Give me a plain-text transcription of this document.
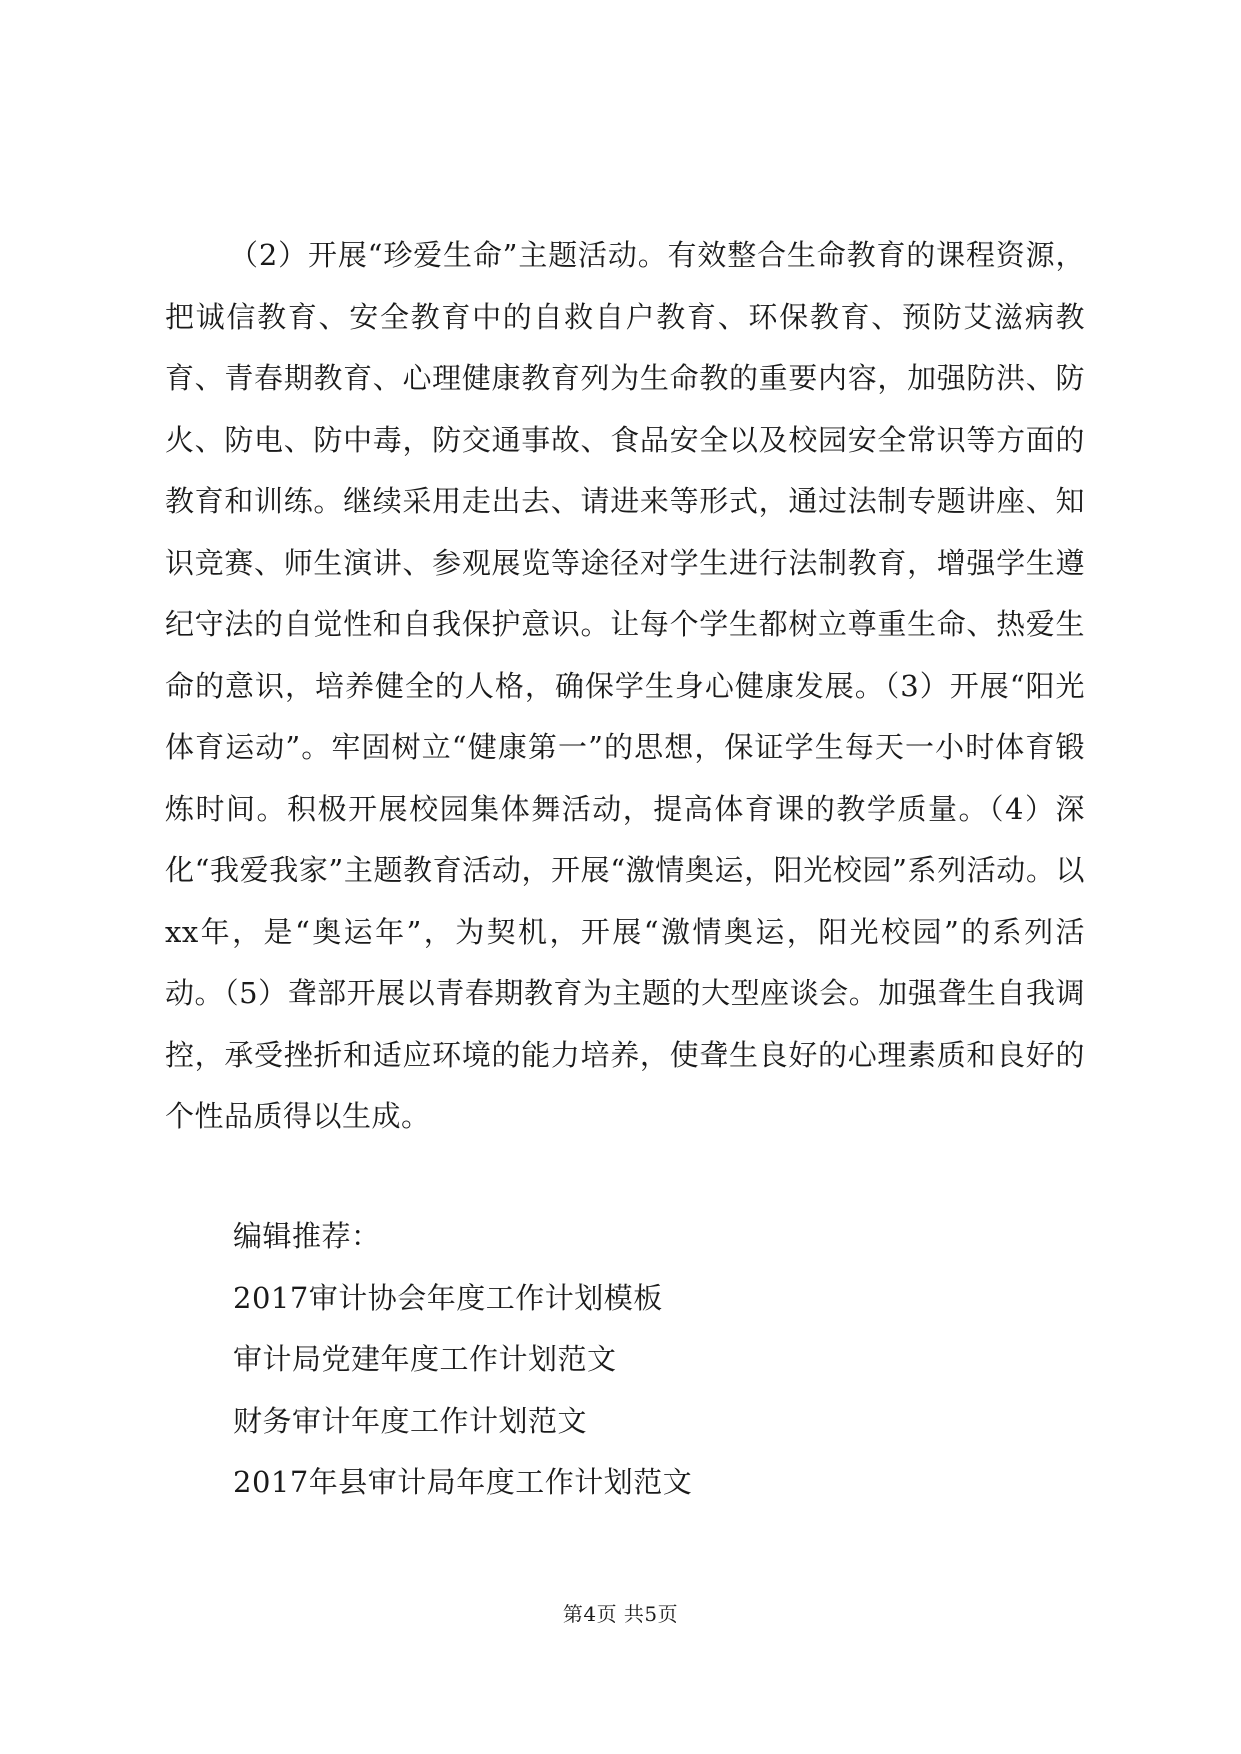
（2）开展“珍爱生命”主题活动。有效整合生命教育的课程资源，把诚信教育、安全教育中的自救自户教育、环保教育、预防艾滋病教育、青春期教育、心理健康教育列为生命教的重要内容，加强防洪、防火、防电、防中毒，防交通事故、食品安全以及校园安全常识等方面的教育和训练。继续采用走出去、请进来等形式，通过法制专题讲座、知识竞赛、师生演讲、参观展览等途径对学生进行法制教育，增强学生遵纪守法的自觉性和自我保护意识。让每个学生都树立尊重生命、热爱生命的意识，培养健全的人格，确保学生身心健康发展。（3）开展“阳光体育运动”。牢固树立“健康第一”的思想，保证学生每天一小时体育锻炼时间。积极开展校园集体舞活动，提高体育课的教学质量。（4）深化“我爱我家”主题教育活动，开展“激情奥运，阳光校园”系列活动。以xx年，是“奥运年”，为契机，开展“激情奥运，阳光校园”的系列活动。（5）聋部开展以青春期教育为主题的大型座谈会。加强聋生自我调控，承受挫折和适应环境的能力培养，使聋生良好的心理素质和良好的个性品质得以生成。

编辑推荐：

2017审计协会年度工作计划模板

审计局党建年度工作计划范文

财务审计年度工作计划范文

2017年县审计局年度工作计划范文

第4页 共5页
